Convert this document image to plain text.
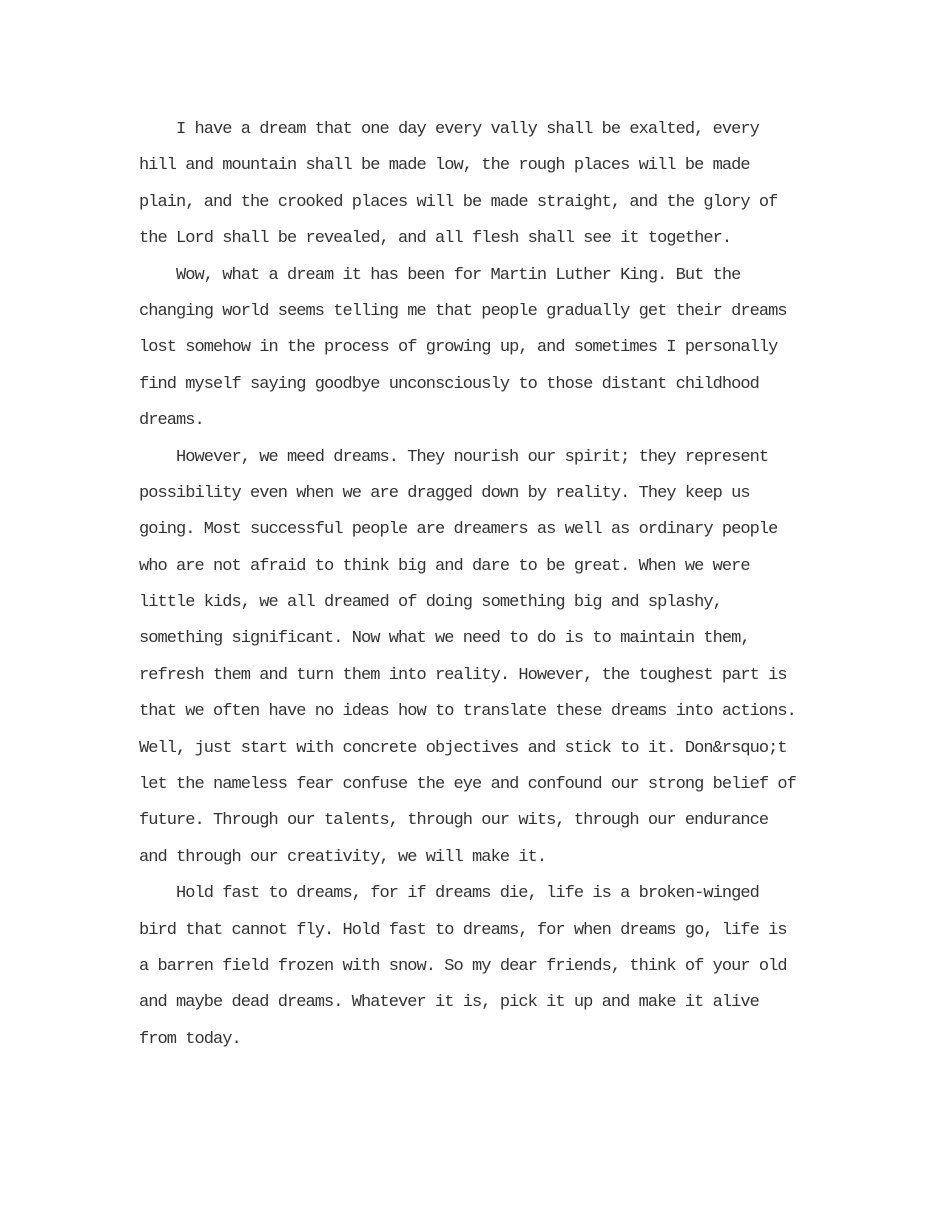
I have a dream that one day every vally shall be exalted, every
hill and mountain shall be made low, the rough places will be made
plain, and the crooked places will be made straight, and the glory of
the Lord shall be revealed, and all flesh shall see it together.
Wow, what a dream it has been for Martin Luther King. But the
changing world seems telling me that people gradually get their dreams
lost somehow in the process of growing up, and sometimes I personally
find myself saying goodbye unconsciously to those distant childhood
dreams.
However, we meed dreams. They nourish our spirit; they represent
possibility even when we are dragged down by reality. They keep us
going. Most successful people are dreamers as well as ordinary people
who are not afraid to think big and dare to be great. When we were
little kids, we all dreamed of doing something big and splashy,
something significant. Now what we need to do is to maintain them,
refresh them and turn them into reality. However, the toughest part is
that we often have no ideas how to translate these dreams into actions.
Well, just start with concrete objectives and stick to it. Don&rsquo;t
let the nameless fear confuse the eye and confound our strong belief of
future. Through our talents, through our wits, through our endurance
and through our creativity, we will make it.
Hold fast to dreams, for if dreams die, life is a broken-winged
bird that cannot fly. Hold fast to dreams, for when dreams go, life is
a barren field frozen with snow. So my dear friends, think of your old
and maybe dead dreams. Whatever it is, pick it up and make it alive
from today.
